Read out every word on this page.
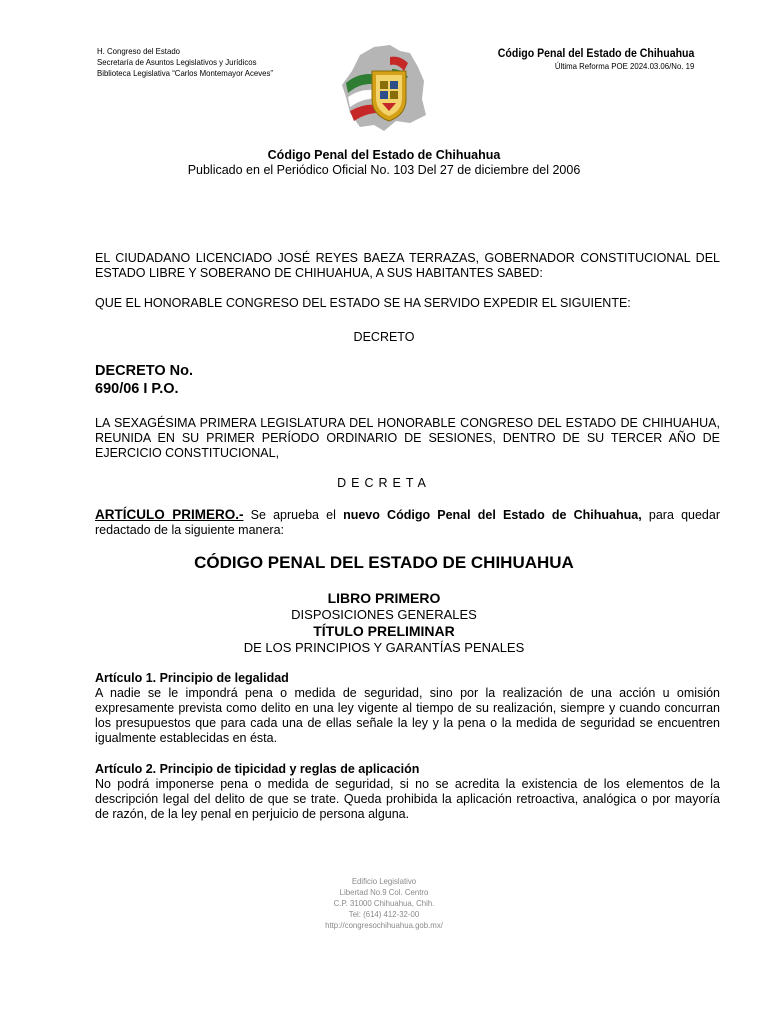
H. Congreso del Estado
Secretaría de Asuntos Legislativos y Jurídicos
Biblioteca Legislativa “Carlos Montemayor Aceves”
Código Penal del Estado de Chihuahua
Última Reforma POE 2024.03.06/No. 19
Código Penal del Estado de Chihuahua
Publicado en el Periódico Oficial No. 103 Del 27 de diciembre del 2006
EL CIUDADANO LICENCIADO JOSÉ REYES BAEZA TERRAZAS, GOBERNADOR CONSTITUCIONAL DEL ESTADO LIBRE Y SOBERANO DE CHIHUAHUA, A SUS HABITANTES SABED:
QUE EL HONORABLE CONGRESO DEL ESTADO SE HA SERVIDO EXPEDIR EL SIGUIENTE:
DECRETO
DECRETO No.
690/06 I P.O.
LA SEXAGÉSIMA PRIMERA LEGISLATURA DEL HONORABLE CONGRESO DEL ESTADO DE CHIHUAHUA, REUNIDA EN SU PRIMER PERÍODO ORDINARIO DE SESIONES, DENTRO DE SU TERCER AÑO DE EJERCICIO CONSTITUCIONAL,
DECRETA
ARTÍCULO PRIMERO.- Se aprueba el nuevo Código Penal del Estado de Chihuahua, para quedar redactado de la siguiente manera:
CÓDIGO PENAL DEL ESTADO DE CHIHUAHUA
LIBRO PRIMERO
DISPOSICIONES GENERALES
TÍTULO PRELIMINAR
DE LOS PRINCIPIOS Y GARANTÍAS PENALES
Artículo 1. Principio de legalidad
A nadie se le impondrá pena o medida de seguridad, sino por la realización de una acción u omisión expresamente prevista como delito en una ley vigente al tiempo de su realización, siempre y cuando concurran los presupuestos que para cada una de ellas señale la ley y la pena o la medida de seguridad se encuentren igualmente establecidas en ésta.
Artículo 2. Principio de tipicidad y reglas de aplicación
No podrá imponerse pena o medida de seguridad, si no se acredita la existencia de los elementos de la descripción legal del delito de que se trate. Queda prohibida la aplicación retroactiva, analógica o por mayoría de razón, de la ley penal en perjuicio de persona alguna.
Edificio Legislativo
Libertad No.9 Col. Centro
C.P. 31000 Chihuahua, Chih.
Tel: (614) 412-32-00
http://congresochihuahua.gob.mx/
